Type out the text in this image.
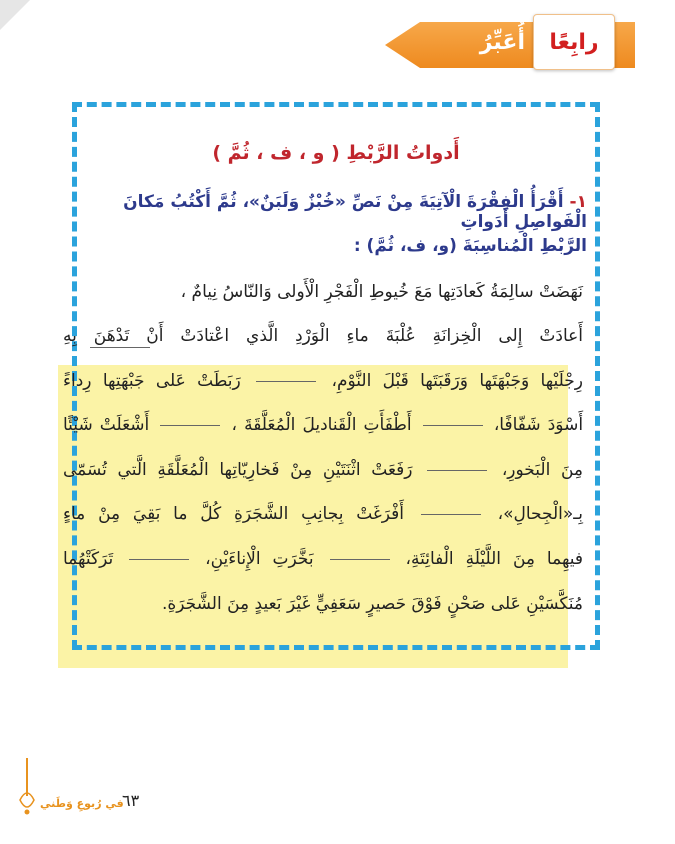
أُعَبِّرُ رابِعًا
أَدواتُ الرَّبْطِ ( و ، ف ، ثُمَّ )
١- أَقْرَأُ الْفِقْرَةَ الْآتِيَةَ مِنْ نَصِّ «خُبْزٌ وَلَبَنٌ»، ثُمَّ أَكْتُبُ مَكانَ الْفَواصِلِ أَدَواتِ
الرَّبْطِ الْمُناسِبَةَ (و، ف، ثُمَّ) :
نَهَضَتْ سالِمَةُ كَعادَتِها مَعَ خُيوطِ الْفَجْرِ الْأَولى وَالنّاسُ نِيامٌ ،
أَعادَتْ إِلى الْخِزانَةِ عُلْبَةَ ماءِ الْوَرْدِ الَّذي اعْتادَتْ أَنْ تَدْهَنَ بِهِ
رِجْلَيْها وَجَبْهَتَها وَرَقَبَتَها قَبْلَ النَّوْمِ،  رَبَطَتْ عَلى جَبْهَتِها رِداءً
أَسْوَدَ شَفّافًا،  أَطْفَأَتِ الْقَناديلَ الْمُعَلَّقَةَ ،  أَشْعَلَتْ شَيْئًا
مِنَ الْبَخورِ،  رَفَعَتْ اثْنَتَيْنِ مِنْ فَخارِيّاتِها الْمُعَلَّقَةِ الَّتي تُسَمّى
بِـ«الْجِحالِ»،  أَفْرَغَتْ بِجانِبِ الشَّجَرَةِ كُلَّ ما بَقِيَ مِنْ ماءٍ
فيهِما مِنَ اللَّيْلَةِ الْفائِتَةِ،  بَخَّرَتِ الْإِناءَيْنِ،  تَرَكَتْهُما
مُنَكَّسَيْنِ عَلى صَحْنٍ فَوْقَ حَصيرٍ سَعَفِيٍّ غَيْرَ بَعيدٍ مِنَ الشَّجَرَةِ.
في رُبوعِ وَطَني
٦٣
